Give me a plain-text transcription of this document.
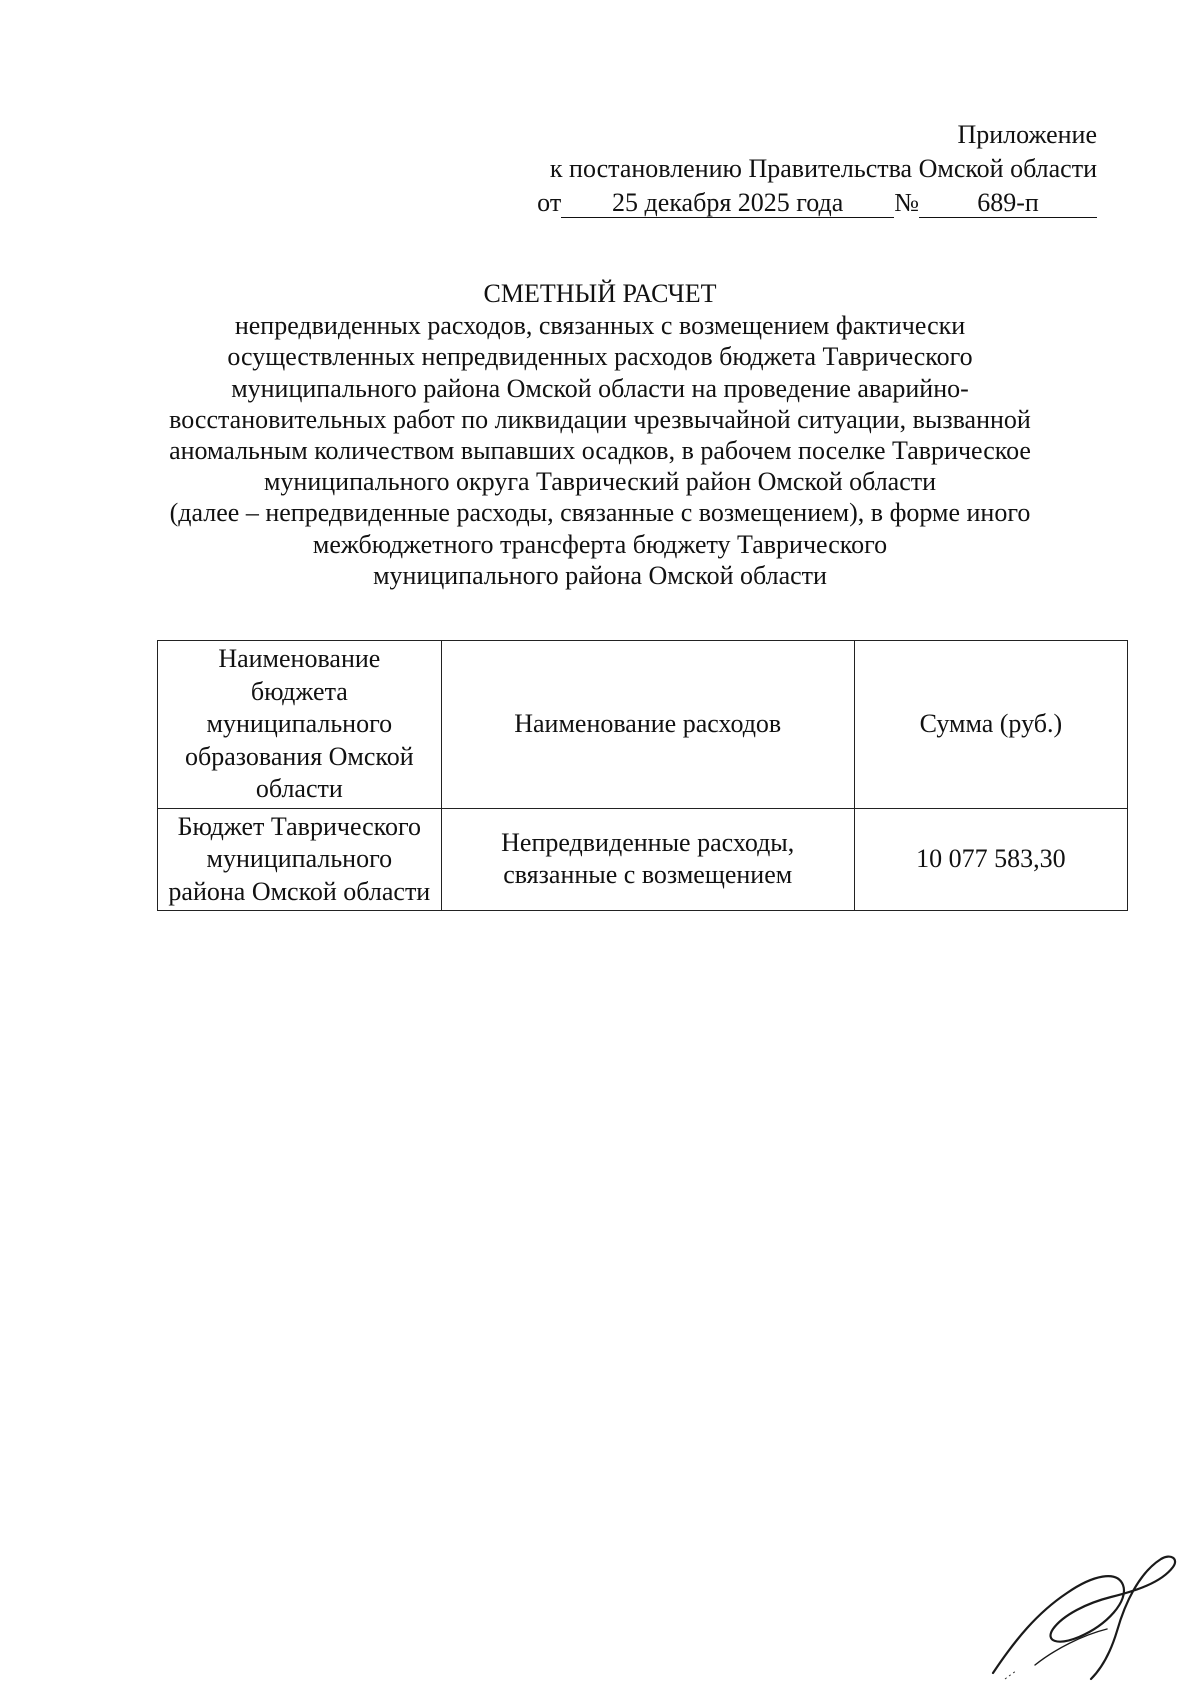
Приложение
к постановлению Правительства Омской области
от 25 декабря 2025 года № 689-п
СМЕТНЫЙ РАСЧЕТ
непредвиденных расходов, связанных с возмещением фактически
осуществленных непредвиденных расходов бюджета Таврического
муниципального района Омской области на проведение аварийно-
восстановительных работ по ликвидации чрезвычайной ситуации, вызванной
аномальным количеством выпавших осадков, в рабочем поселке Таврическое
муниципального округа Таврический район Омской области
(далее – непредвиденные расходы, связанные с возмещением), в форме иного
межбюджетного трансферта бюджету Таврического
муниципального района Омской области
Наименование бюджета муниципального образования Омской области	Наименование расходов	Сумма (руб.)
Бюджет Таврического муниципального района Омской области	Непредвиденные расходы, связанные с возмещением	10 077 583,30
